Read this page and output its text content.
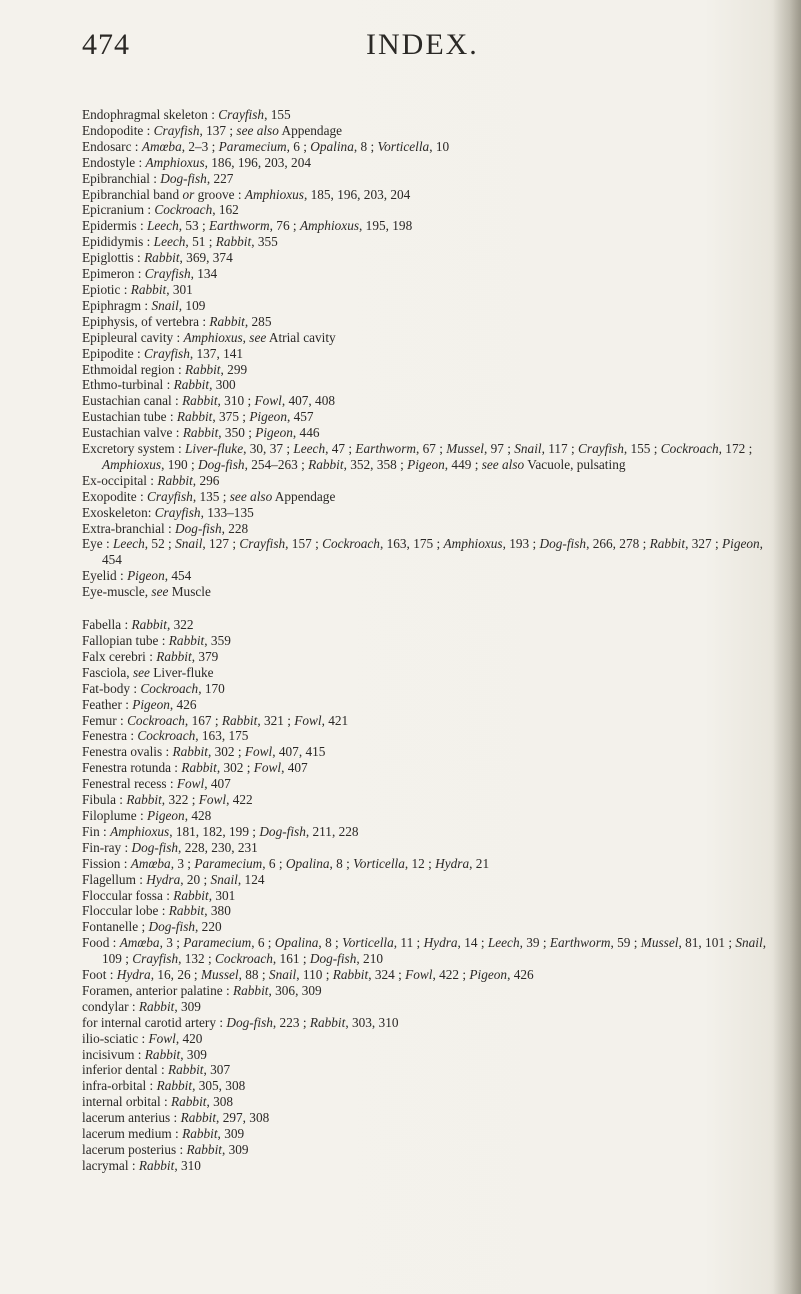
474	INDEX.

Endophragmal skeleton : Crayfish, 155

Endopodite : Crayfish, 137 ; see also Appendage

Endosarc : Amœba, 2–3 ; Paramecium, 6 ; Opalina, 8 ; Vorticella, 10

Endostyle : Amphioxus, 186, 196, 203, 204

Epibranchial : Dog-fish, 227

Epibranchial band or groove : Amphioxus, 185, 196, 203, 204

Epicranium : Cockroach, 162

Epidermis : Leech, 53 ; Earthworm, 76 ; Amphioxus, 195, 198

Epididymis : Leech, 51 ; Rabbit, 355

Epiglottis : Rabbit, 369, 374

Epimeron : Crayfish, 134

Epiotic : Rabbit, 301

Epiphragm : Snail, 109

Epiphysis, of vertebra : Rabbit, 285

Epipleural cavity : Amphioxus, see Atrial cavity

Epipodite : Crayfish, 137, 141

Ethmoidal region : Rabbit, 299

Ethmo-turbinal : Rabbit, 300

Eustachian canal : Rabbit, 310 ; Fowl, 407, 408

Eustachian tube : Rabbit, 375 ; Pigeon, 457

Eustachian valve : Rabbit, 350 ; Pigeon, 446

Excretory system : Liver-fluke, 30, 37 ; Leech, 47 ; Earthworm, 67 ; Mussel, 97 ; Snail, 117 ; Crayfish, 155 ; Cockroach, 172 ; Amphioxus, 190 ; Dog-fish, 254–263 ; Rabbit, 352, 358 ; Pigeon, 449 ; see also Vacuole, pulsating

Ex-occipital : Rabbit, 296

Exopodite : Crayfish, 135 ; see also Appendage

Exoskeleton: Crayfish, 133–135

Extra-branchial : Dog-fish, 228

Eye : Leech, 52 ; Snail, 127 ; Crayfish, 157 ; Cockroach, 163, 175 ; Amphioxus, 193 ; Dog-fish, 266, 278 ; Rabbit, 327 ; Pigeon, 454

Eyelid : Pigeon, 454

Eye-muscle, see Muscle

Fabella : Rabbit, 322

Fallopian tube : Rabbit, 359

Falx cerebri : Rabbit, 379

Fasciola, see Liver-fluke

Fat-body : Cockroach, 170

Feather : Pigeon, 426

Femur : Cockroach, 167 ; Rabbit, 321 ; Fowl, 421

Fenestra : Cockroach, 163, 175

Fenestra ovalis : Rabbit, 302 ; Fowl, 407, 415

Fenestra rotunda : Rabbit, 302 ; Fowl, 407

Fenestral recess : Fowl, 407

Fibula : Rabbit, 322 ; Fowl, 422

Filoplume : Pigeon, 428

Fin : Amphioxus, 181, 182, 199 ; Dog-fish, 211, 228

Fin-ray : Dog-fish, 228, 230, 231

Fission : Amœba, 3 ; Paramecium, 6 ; Opalina, 8 ; Vorticella, 12 ; Hydra, 21

Flagellum : Hydra, 20 ; Snail, 124

Floccular fossa : Rabbit, 301

Floccular lobe : Rabbit, 380

Fontanelle ; Dog-fish, 220

Food : Amœba, 3 ; Paramecium, 6 ; Opalina, 8 ; Vorticella, 11 ; Hydra, 14 ; Leech, 39 ; Earthworm, 59 ; Mussel, 81, 101 ; Snail, 109 ; Crayfish, 132 ; Cockroach, 161 ; Dog-fish, 210

Foot : Hydra, 16, 26 ; Mussel, 88 ; Snail, 110 ; Rabbit, 324 ; Fowl, 422 ; Pigeon, 426

Foramen, anterior palatine : Rabbit, 306, 309

condylar : Rabbit, 309

for internal carotid artery : Dog-fish, 223 ; Rabbit, 303, 310

ilio-sciatic : Fowl, 420

incisivum : Rabbit, 309

inferior dental : Rabbit, 307

infra-orbital : Rabbit, 305, 308

internal orbital : Rabbit, 308

lacerum anterius : Rabbit, 297, 308

lacerum medium : Rabbit, 309

lacerum posterius : Rabbit, 309

lacrymal : Rabbit, 310
